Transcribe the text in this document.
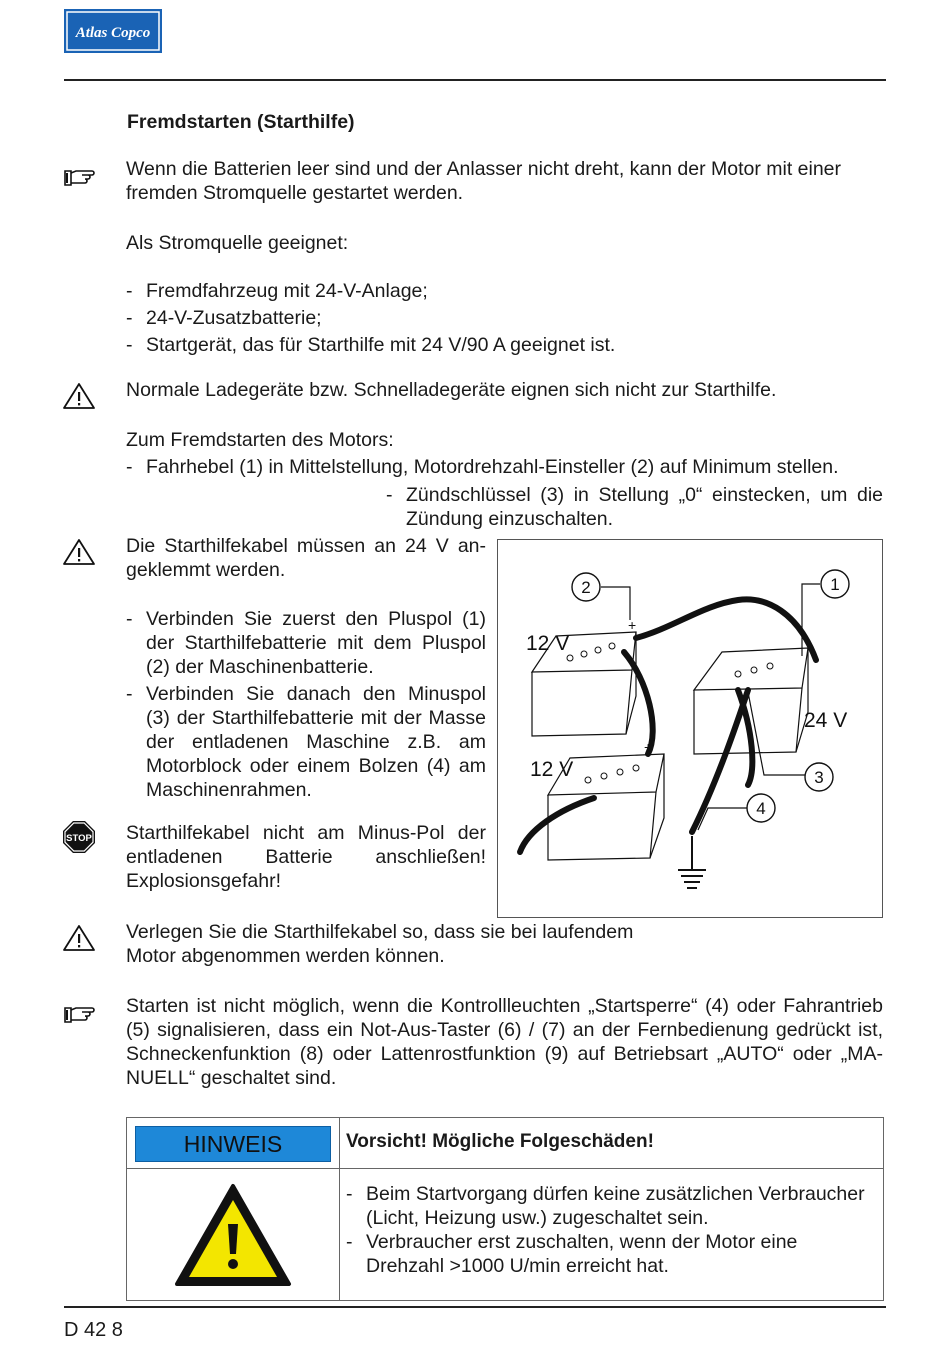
Atlas Copco
Fremdstarten (Starthilfe)

Wenn die Batterien leer sind und der Anlasser nicht dreht, kann der Motor mit einer fremden Stromquelle gestartet werden.

Als Stromquelle geeignet:

- Fremdfahrzeug mit 24-V-Anlage;
- 24-V-Zusatzbatterie;
- Startgerät, das für Starthilfe mit 24 V/90 A geeignet ist.

Normale Ladegeräte bzw. Schnelladegeräte eignen sich nicht zur Starthilfe.

Zum Fremdstarten des Motors:

- Fahrhebel (1) in Mittelstellung, Motordrehzahl-Einsteller (2) auf Minimum stellen.
- Zündschlüssel (3) in Stellung „0“ einstecken, um die Zündung einzuschalten.

Die Starthilfekabel müssen an 24 V an-geklemmt werden.

- Verbinden Sie zuerst den Pluspol (1) der Starthilfebatterie mit dem Pluspol (2) der Maschinenbatterie.
- Verbinden Sie danach den Minuspol (3) der Starthilfebatterie mit der Masse der entladenen Maschine z.B. am Motorblock oder einem Bolzen (4) am Maschinenrahmen.
STOP Starthilfekabel nicht am Minus-Pol der entladenen Batterie anschließen! Explosionsgefahr!

+
+
12 V
12 V
24 V
1
2
3
4

Verlegen Sie die Starthilfekabel so, dass sie bei laufendem Motor abgenommen werden können.

Starten ist nicht möglich, wenn die Kontrollleuchten „Startsperre“ (4) oder Fahrantrieb (5) signalisieren, dass ein Not-Aus-Taster (6) / (7) an der Fernbedienung gedrückt ist, Schneckenfunktion (8) oder Lattenrostfunktion (9) auf Betriebsart „AUTO“ oder „MA-NUELL“ geschaltet sind.

HINWEIS	Vorsicht! Mögliche Folgeschäden!
- Beim Startvorgang dürfen keine zusätzlichen Verbraucher (Licht, Heizung usw.) zugeschaltet sein.
- Verbraucher erst zuschalten, wenn der Motor eine Drehzahl >1000 U/min erreicht hat.
D 42 8
